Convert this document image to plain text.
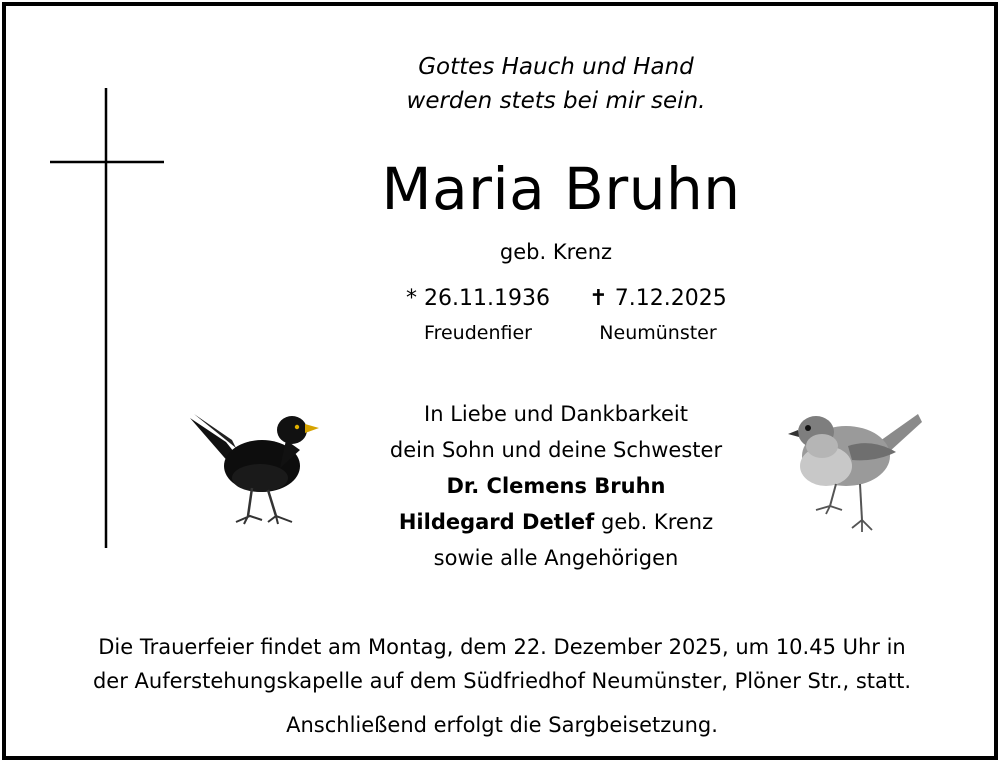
Gottes Hauch und Hand
werden stets bei mir sein.
Maria Bruhn
geb. Krenz
* 26.11.1936
Freudenfier
✝ 7.12.2025
Neumünster
In Liebe und Dankbarkeit
dein Sohn und deine Schwester
Dr. Clemens Bruhn
Hildegard Detlef geb. Krenz
sowie alle Angehörigen
Die Trauerfeier findet am Montag, dem 22. Dezember 2025, um 10.45 Uhr in
der Auferstehungskapelle auf dem Südfriedhof Neumünster, Plöner Str., statt.
Anschließend erfolgt die Sargbeisetzung.
